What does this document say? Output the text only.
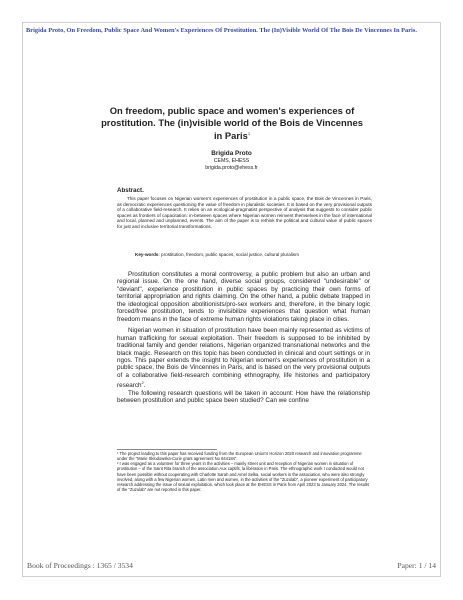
Brigida Proto, On Freedom, Public Space And Women's Experiences Of Prostitution. The (In)Visible World Of The Bois De Vincennes In Paris.
On freedom, public space and women's experiences of prostitution. The (in)visible world of the Bois de Vincennes in Paris$^1$
Brigida Proto
CEMS, EHESS
brigida.proto@ehess.fr
Abstract.
This paper focuses on Nigerian women's experiences of prostitution in a public space, the Bois de Vincennes in Paris, as democratic experiences questioning the value of freedom in pluralistic societies. It is based on the very provisional outputs of a collaborative field-research. It relies on an ecological-pragmatist perspective of analysis that suggests to consider public spaces as frontiers of capacitation: in-between spaces where Nigerian women reinvent themselves in the face of international and local, planned and unplanned, events. The aim of the paper is to rethink the political and cultural value of public spaces for just and inclusive territorial transformations.
Key-words: prostitution, freedom, public spaces, social justice, cultural pluralism

Prostitution constitutes a moral controversy, a public problem but also an urban and regional issue. On the one hand, diverse social groups, considered "undesirable" or "deviant", experience prostitution in public spaces by practicing their own forms of territorial appropriation and rights claiming. On the other hand, a public debate trapped in the ideological opposition abolitionists/pro-sex workers and, therefore, in the binary logic forced/free prostitution, tends to invisibilize experiences that question what human freedom means in the face of extreme human rights violations taking place in cities.

Nigerian women in situation of prostitution have been mainly represented as victims of human trafficking for sexual exploitation. Their freedom is supposed to be inhibited by traditional family and gender relations, Nigerian organized transnational networks and the black magic. Research on this topic has been conducted in clinical and court settings or in ngos. This paper extends the insight to Nigerian women's experiences of prostitution in a public space, the Bois de Vincennes in Paris, and is based on the very provisional outputs of a collaborative field-research combining ethnography, life histories and participatory research$^2$.

The following research questions will be taken in account: How have the relationship between prostitution and public space been studied? Can we confine

¹ The project leading to this paper has received funding from the European Union's Horizon 2020 research and innovation programme under the "Marie Sklodowska-Curie grant agreement No 844184".

² I was engaged as a volunteer for three years in the activities – mainly street unit and reception of Nigerian women in situation of prostitution – of the Saint Rita branch of the association Aux captifs, la libération in Paris. The ethnographic work I conducted would not have been possible without cooperating with Charlotte Sarah and Amel Selka, social workers in the association, who were also strongly involved, along with a few Nigerian women, Latin men and women, in the activities of the "Zuzulab", a pioneer experiment of participatory research addressing the issue of sexual exploitation, which took place at the EHESS in Paris from April 2023 to January 2024. The results of the "Zuzulab" are not reported in this paper.

Book of Proceedings : 1365 / 3534	Paper: 1 / 14
